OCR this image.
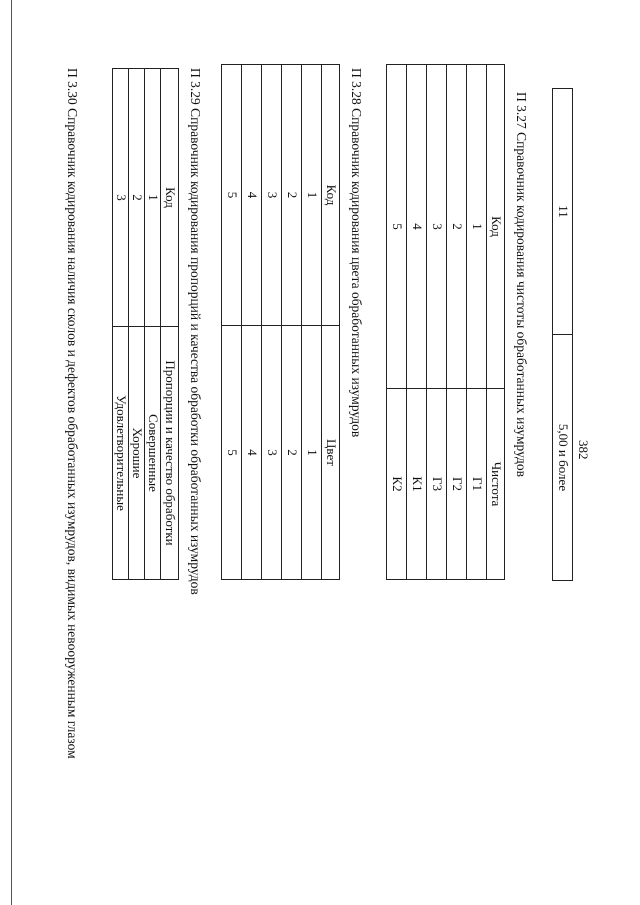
382
11	5,00 и более
П 3.27 Справочник кодирования чистоты обработанных изумрудов
Код	Чистота
1	Г1
2	Г2
3	Г3
4	К1
5	К2
П 3.28 Справочник кодирования цвета обработанных изумрудов
Код	Цвет
1	1
2	2
3	3
4	4
5	5
П 3.29 Справочник кодирования пропорций и качества обработки обработанных изумрудов
Код	Пропорции и качество обработки
1	Совершенные
2	Хорошие
3	Удовлетворительные
П 3.30 Справочник кодирования наличия сколов и дефектов обработанных изумрудов, видимых невооруженным глазом
